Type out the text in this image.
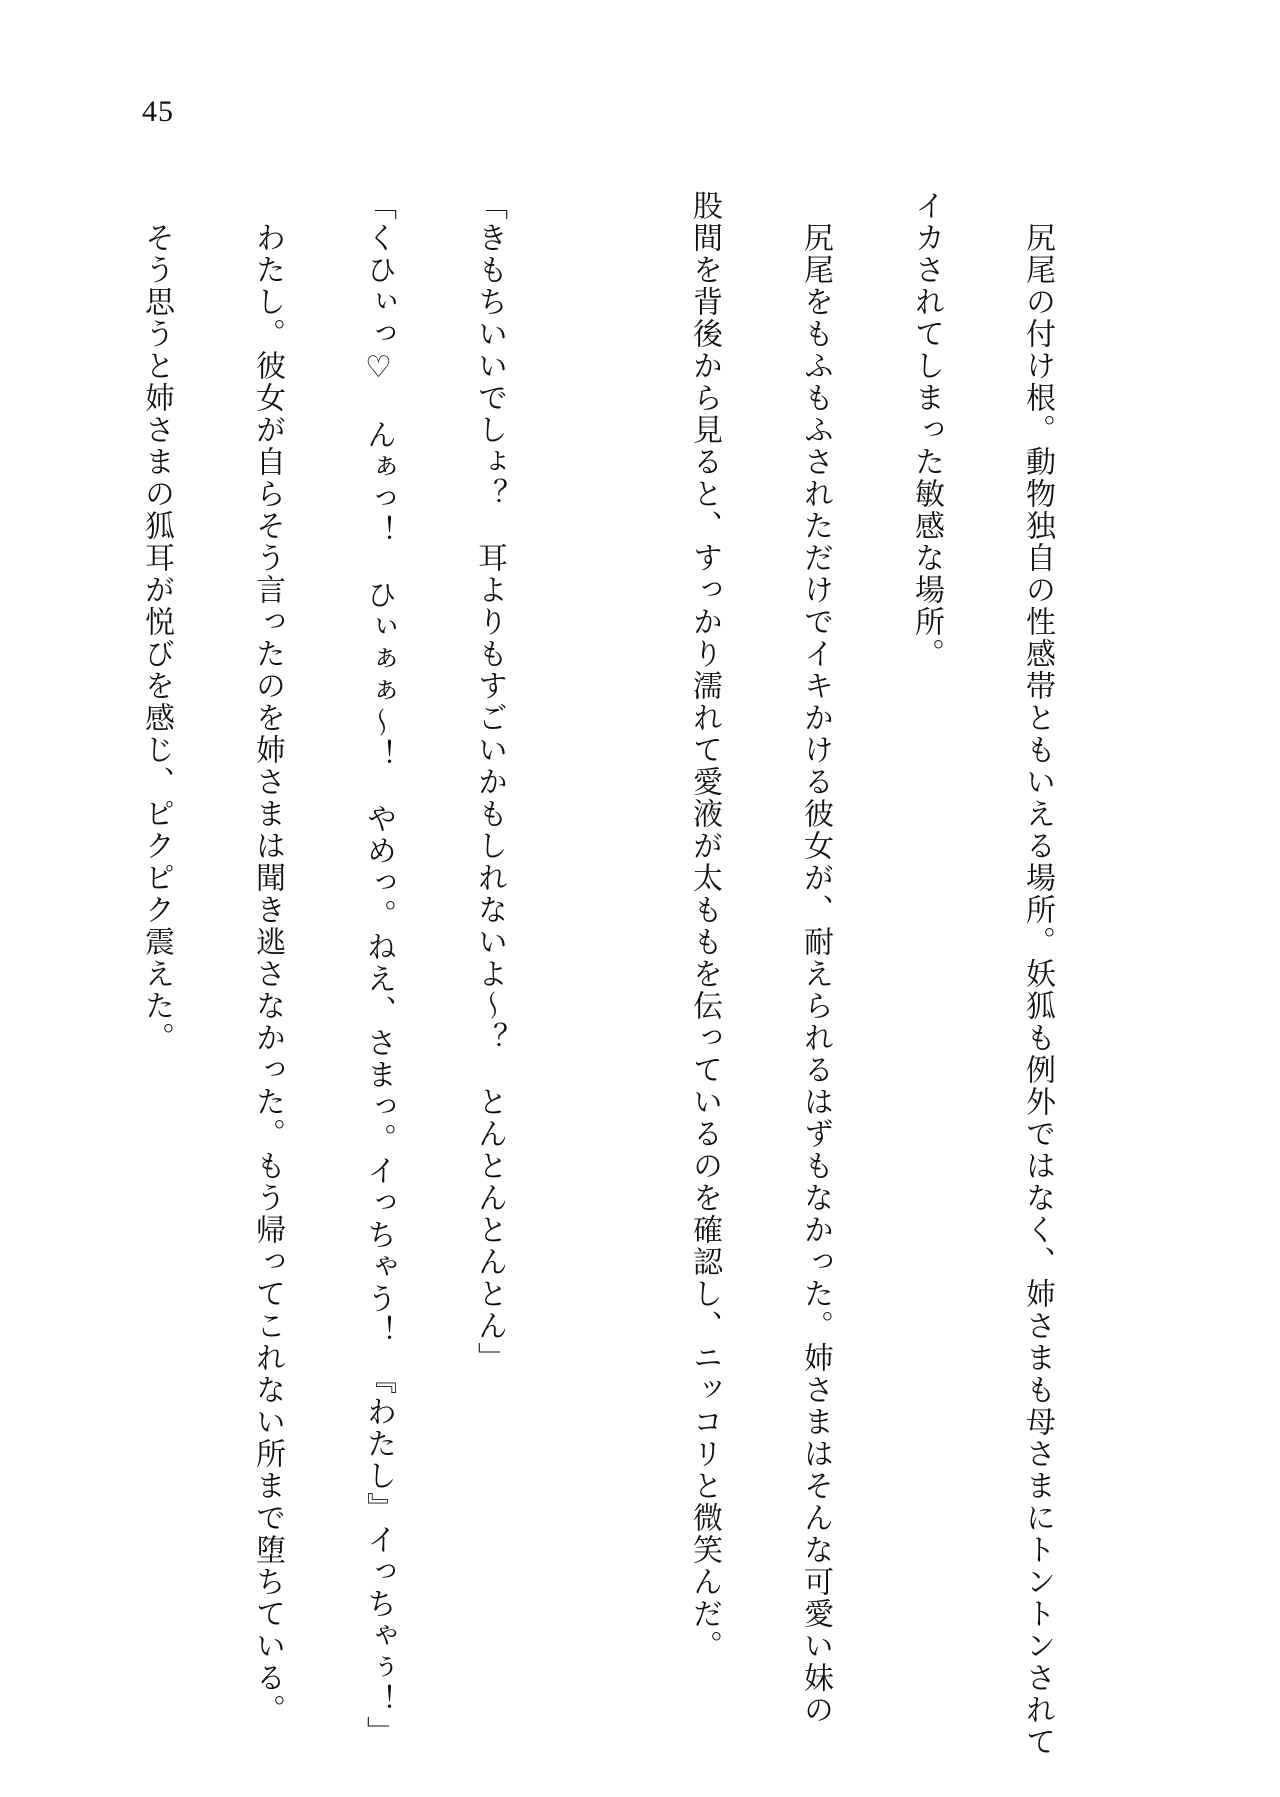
45

　尻尾の付け根。動物独自の性感帯ともいえる場所。妖狐も例外ではなく、姉さまも母さまにトントンされて

イカされてしまった敏感な場所。

　尻尾をもふもふされただけでイキかける彼女が、耐えられるはずもなかった。姉さまはそんな可愛い妹の

股間を背後から見ると、すっかり濡れて愛液が太ももを伝っているのを確認し、ニッコリと微笑んだ。

「きもちいいでしょ？　耳よりもすごいかもしれないよ～？　とんとんとんとん」

「くひぃっ♡　んぁっ！　ひぃぁぁ～！　やめっ。ねえ、さまっ。イっちゃう！　『わたし』イっちゃぅ！」

　わたし。彼女が自らそう言ったのを姉さまは聞き逃さなかった。もう帰ってこれない所まで堕ちている。

　そう思うと姉さまの狐耳が悦びを感じ、ピクピク震えた。
